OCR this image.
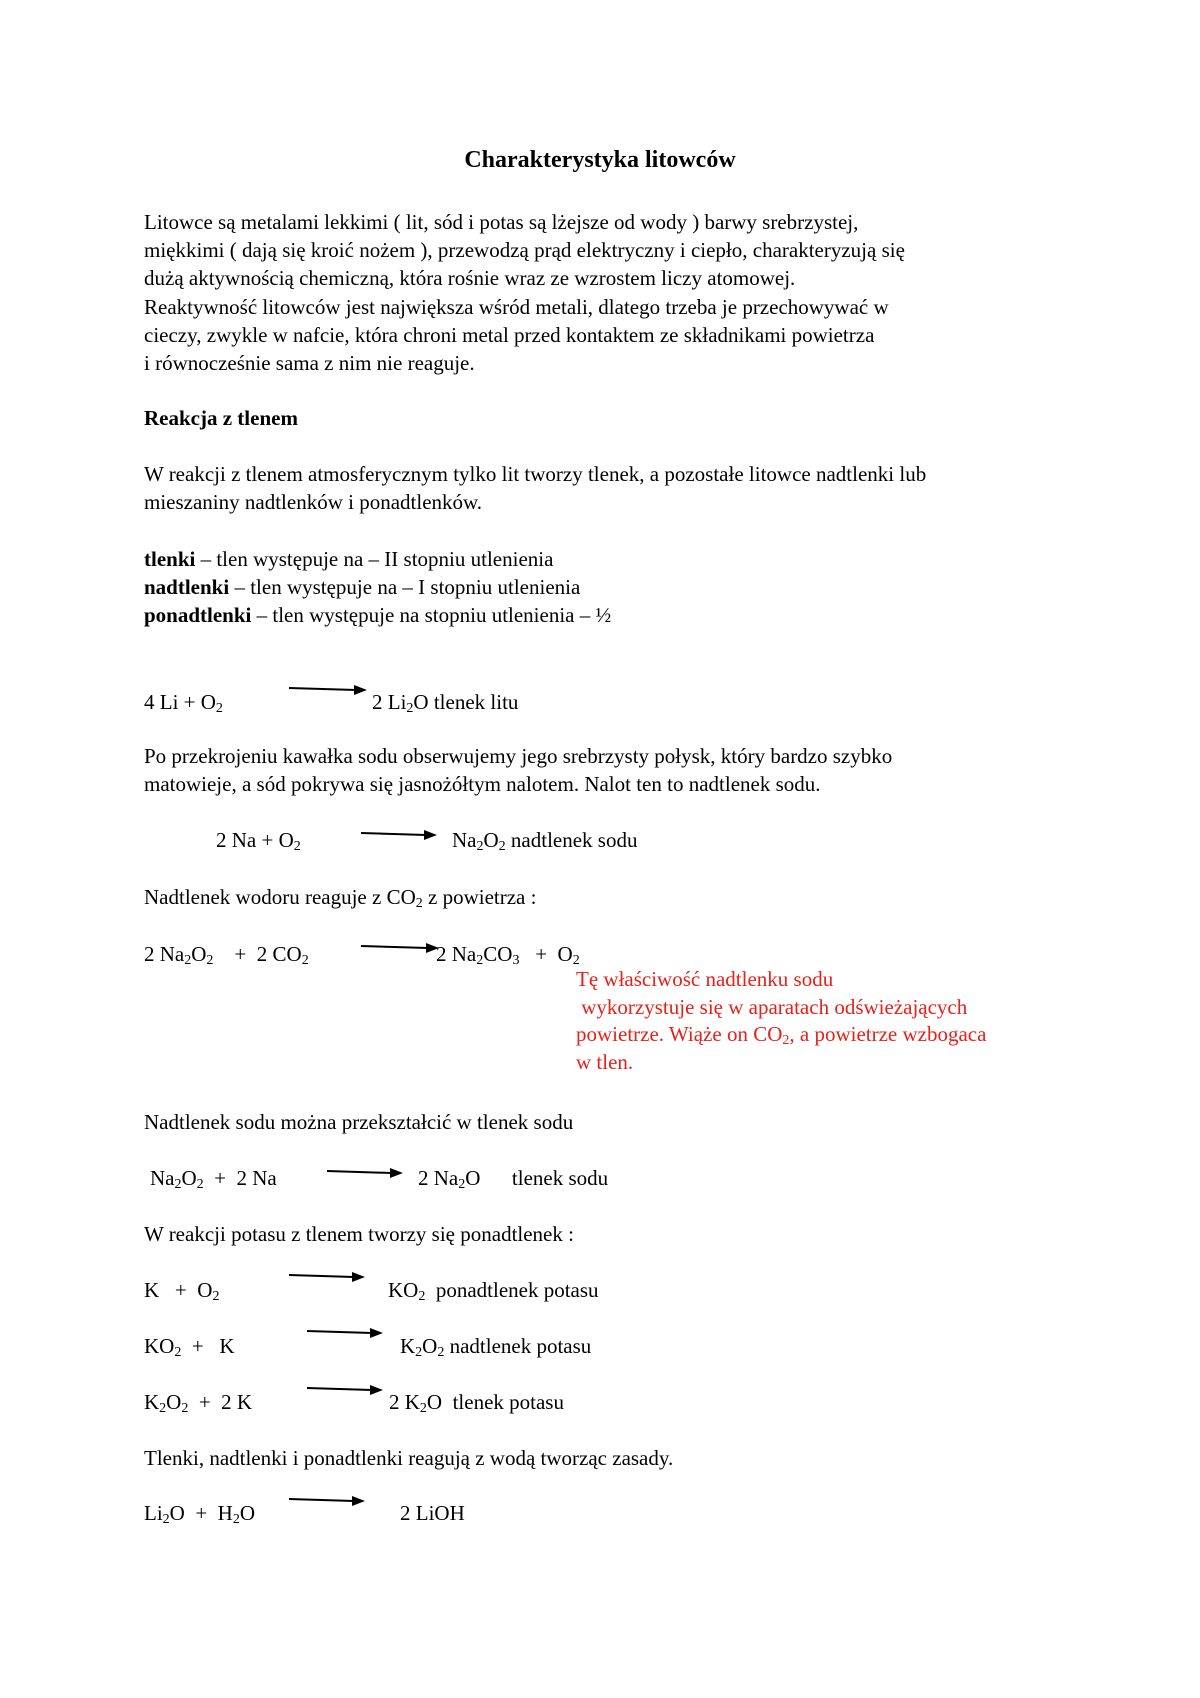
Charakterystyka litowców
Litowce są metalami lekkimi ( lit, sód i potas są lżejsze od wody ) barwy srebrzystej,
miękkimi ( dają się kroić nożem ), przewodzą prąd elektryczny i ciepło, charakteryzują się
dużą aktywnością chemiczną, która rośnie wraz ze wzrostem liczy atomowej.
Reaktywność litowców jest największa wśród metali, dlatego trzeba je przechowywać w
cieczy, zwykle w nafcie, która chroni metal przed kontaktem ze składnikami powietrza
i równocześnie sama z nim nie reaguje.
Reakcja z tlenem
W reakcji z tlenem atmosferycznym tylko lit tworzy tlenek, a pozostałe litowce nadtlenki lub
mieszaniny nadtlenków i ponadtlenków.
tlenki – tlen występuje na – II stopniu utlenienia
nadtlenki – tlen występuje na – I stopniu utlenienia
ponadtlenki – tlen występuje na stopniu utlenienia – ½
4 $Li + O_2$	2 $Li_2O$ tlenek litu
Po przekrojeniu kawałka sodu obserwujemy jego srebrzysty połysk, który bardzo szybko
matowieje, a sód pokrywa się jasnożółtym nalotem. Nalot ten to nadtlenek sodu.
2 $Na + O_2$	$Na_2O_2$ nadtlenek sodu
Nadtlenek wodoru reaguje z $CO_2$ z powietrza :
2 $Na_2O_2$    +  2 $CO_2$	2 $Na_2CO_3 + O_2$
Tę właściwość nadtlenku sodu
wykorzystuje się w aparatach odświeżających
powietrze. Wiąże on $CO_2$, a powietrze wzbogaca
w tlen.
Nadtlenek sodu można przekształcić w tlenek sodu
$Na_2O_2 + 2$ Na	2 $Na_2O$      tlenek sodu
W reakcji potasu z tlenem tworzy się ponadtlenek :
$K + O_2$	$KO_2$  ponadtlenek potasu
$KO_2 + K$	$K_2O_2$ nadtlenek potasu
$K_2O_2 + 2$ K	2 $K_2O$  tlenek potasu
Tlenki, nadtlenki i ponadtlenki reagują z wodą tworząc zasady.
$Li_2O + H_2O$	2 LiOH
